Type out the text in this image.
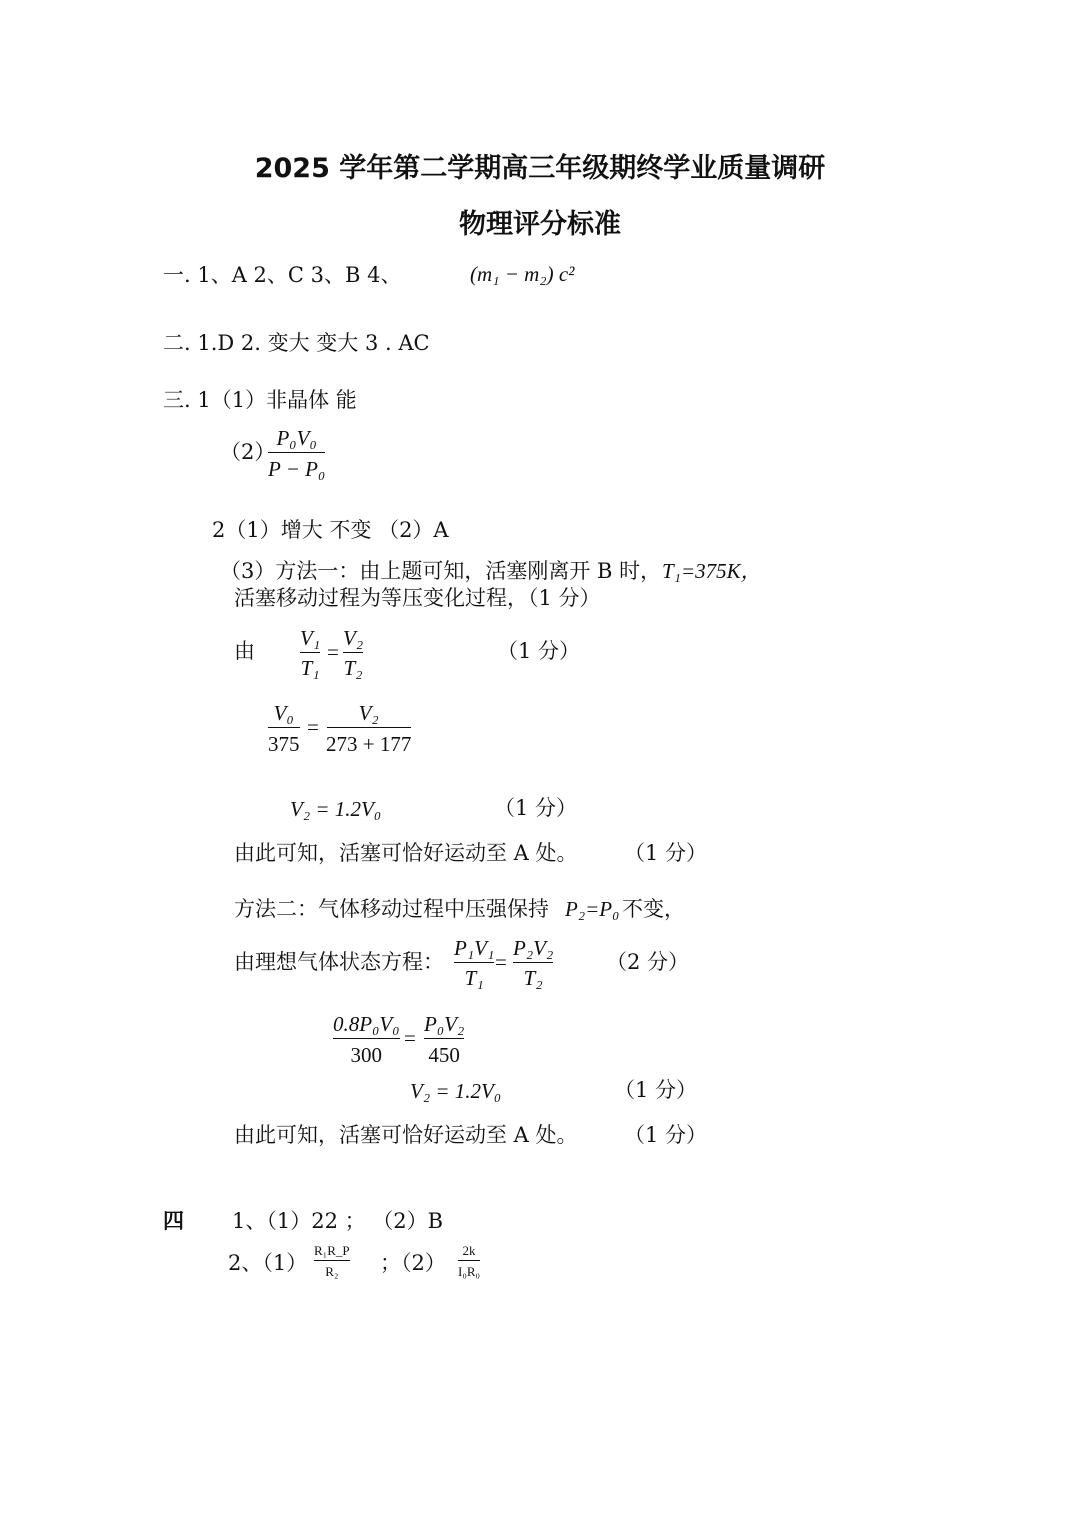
2025 学年第二学期高三年级期终学业质量调研
物理评分标准
一. 1、A 2、C 3、B 4、	(m₁ − m₂) c²
二. 1.D 2. 变大 变大 3 . AC
三. 1（1）非晶体 能
（2）
P₀V₀
P − P₀
2（1）增大 不变 （2）A
（3）方法一：由上题可知，活塞刚离开 B 时， T₁=375K，
活塞移动过程为等压变化过程，（1 分）
由
V₁
T₁
=
V₂
T₂
（1 分）
V₀
375
=
V₂
273 + 177
V₂ = 1.2V₀	（1 分）
由此可知，活塞可恰好运动至 A 处。 （1 分）
方法二：气体移动过程中压强保持 P₂=P₀ 不变，
由理想气体状态方程：
P₁V₁
T₁
=
P₂V₂
T₂
（2 分）
0.8P₀V₀
300
=
P₀V₂
450
V₂ = 1.2V₀	（1 分）
由此可知，活塞可恰好运动至 A 处。 （1 分）
四 1、（1）22 ； （2）B
2、（1）
R₁R_P
R₂ ；（2）
2k
I₀R₀
